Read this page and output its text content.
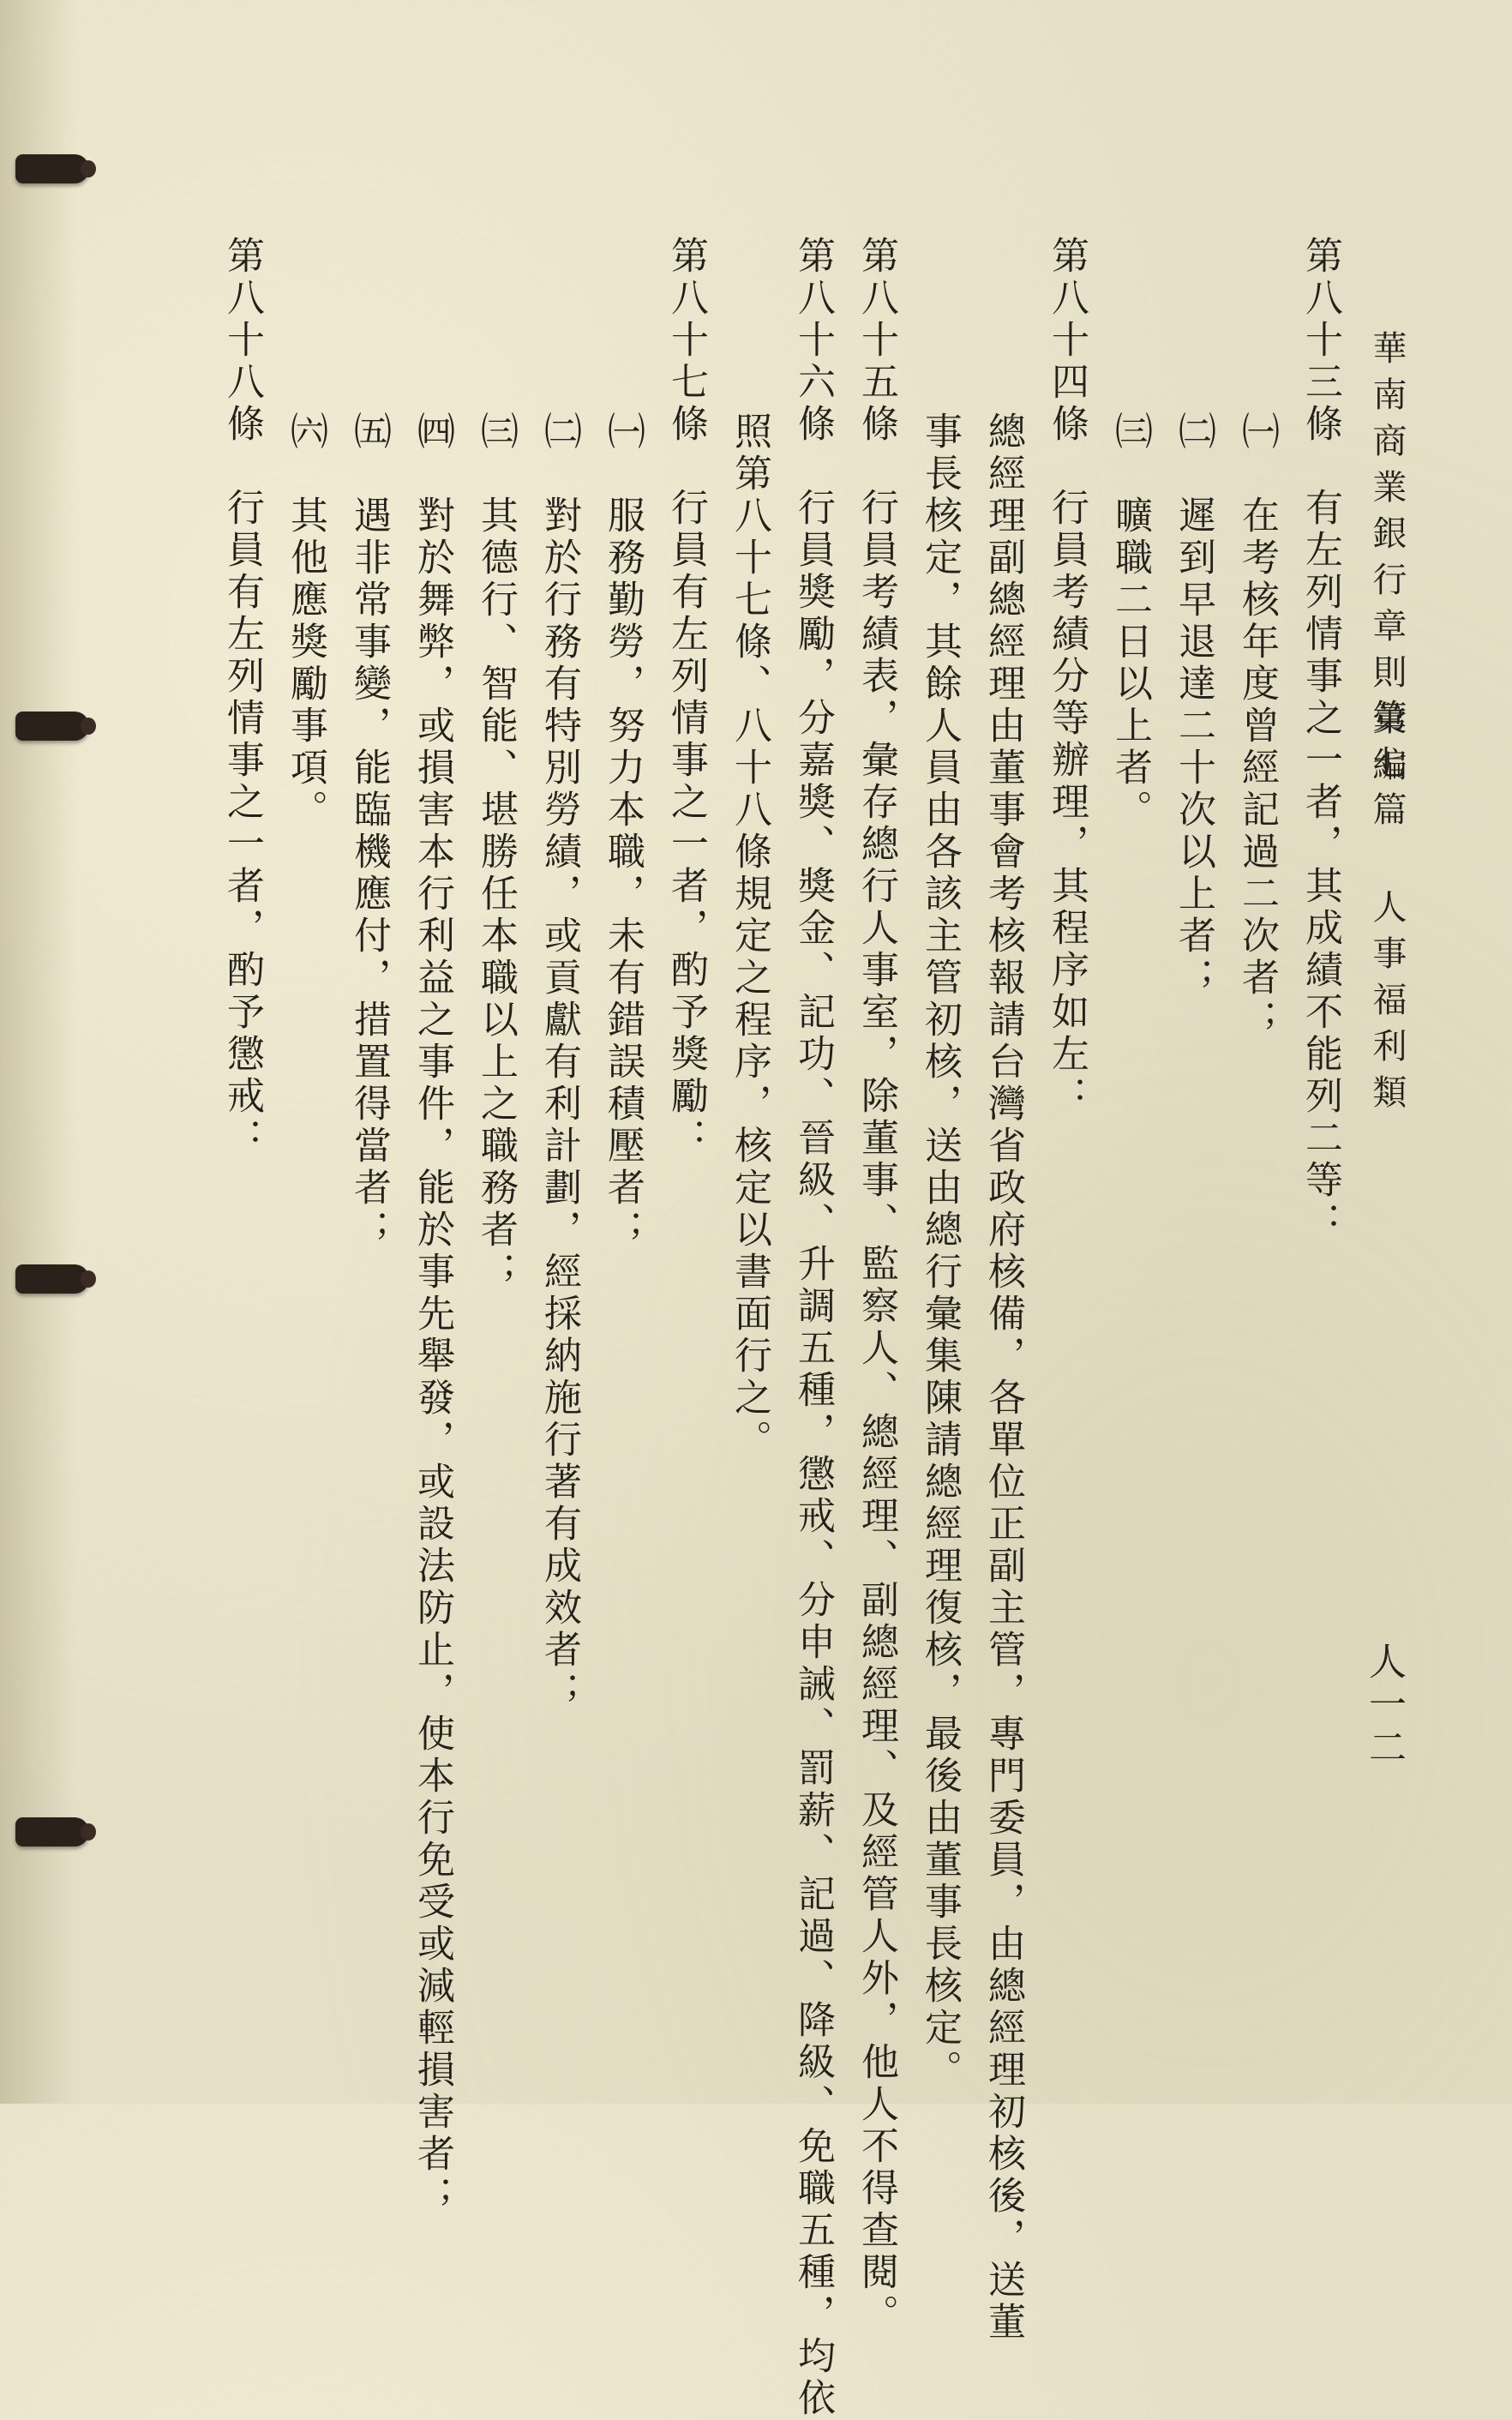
華南商業銀行章則彙編
第七篇 人事福利類
人一二
第八十三條　有左列情事之一者，其成績不能列二等：
㈠　在考核年度曾經記過二次者；
㈡　遲到早退達二十次以上者；
㈢　曠職二日以上者。
第八十四條　行員考績分等辦理，其程序如左：
總經理副總經理由董事會考核報請台灣省政府核備，各單位正副主管，專門委員，由總經理初核後，送董
事長核定，其餘人員由各該主管初核，送由總行彙集陳請總經理復核，最後由董事長核定。
第八十五條　行員考績表，彙存總行人事室，除董事、監察人、總經理、副總經理、及經管人外，他人不得查閱。
第八十六條　行員獎勵，分嘉獎、獎金、記功、晉級、升調五種，懲戒、分申誡、罰薪、記過、降級、免職五種，均依
照第八十七條、八十八條規定之程序，核定以書面行之。
第八十七條　行員有左列情事之一者，酌予獎勵：
㈠　服務勤勞，努力本職，未有錯誤積壓者；
㈡　對於行務有特別勞績，或貢獻有利計劃，經採納施行著有成效者；
㈢　其德行、智能、堪勝任本職以上之職務者；
㈣　對於舞弊，或損害本行利益之事件，能於事先舉發，或設法防止，使本行免受或減輕損害者；
㈤　遇非常事變，能臨機應付，措置得當者；
㈥　其他應獎勵事項。
第八十八條　行員有左列情事之一者，酌予懲戒：
